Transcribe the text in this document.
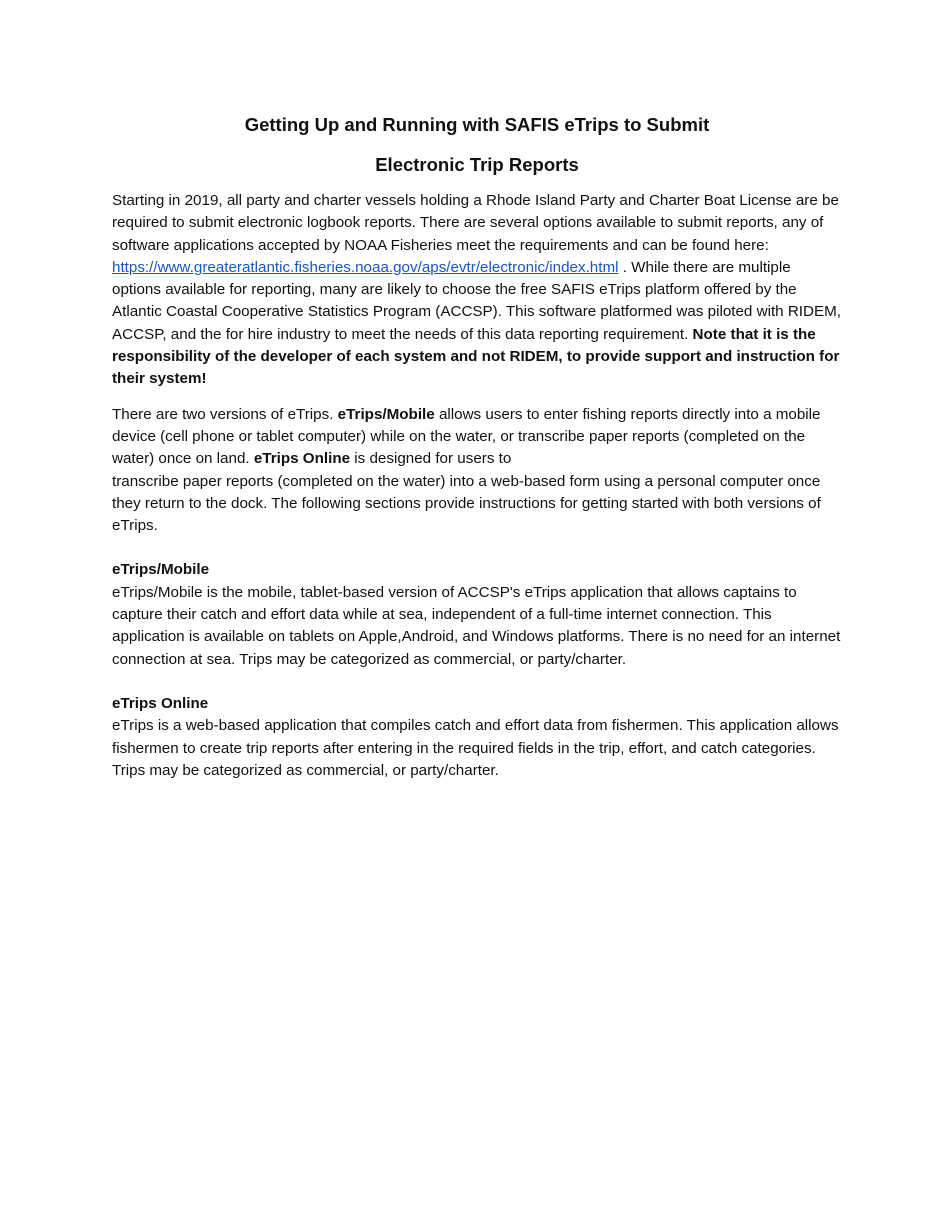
Getting Up and Running with SAFIS eTrips to Submit
Electronic Trip Reports

Starting in 2019, all party and charter vessels holding a Rhode Island Party and Charter Boat License are be required to submit electronic logbook reports. There are several options available to submit reports, any of software applications accepted by NOAA Fisheries meet the requirements and can be found here: https://www.greateratlantic.fisheries.noaa.gov/aps/evtr/electronic/index.html . While there are multiple options available for reporting, many are likely to choose the free SAFIS eTrips platform offered by the Atlantic Coastal Cooperative Statistics Program (ACCSP). This software platformed was piloted with RIDEM, ACCSP, and the for hire industry to meet the needs of this data reporting requirement. Note that it is the responsibility of the developer of each system and not RIDEM, to provide support and instruction for their system!

There are two versions of eTrips. eTrips/Mobile allows users to enter fishing reports directly into a mobile device (cell phone or tablet computer) while on the water, or transcribe paper reports (completed on the water) once on land. eTrips Online is designed for users to
transcribe paper reports (completed on the water) into a web-based form using a personal computer once they return to the dock. The following sections provide instructions for getting started with both versions of eTrips.

eTrips/Mobile

eTrips/Mobile is the mobile, tablet-based version of ACCSP's eTrips application that allows captains to capture their catch and effort data while at sea, independent of a full-time internet connection. This application is available on tablets on Apple,Android, and Windows platforms. There is no need for an internet connection at sea. Trips may be categorized as commercial, or party/charter.

eTrips Online

eTrips is a web-based application that compiles catch and effort data from fishermen. This application allows fishermen to create trip reports after entering in the required fields in the trip, effort, and catch categories. Trips may be categorized as commercial, or party/charter.
